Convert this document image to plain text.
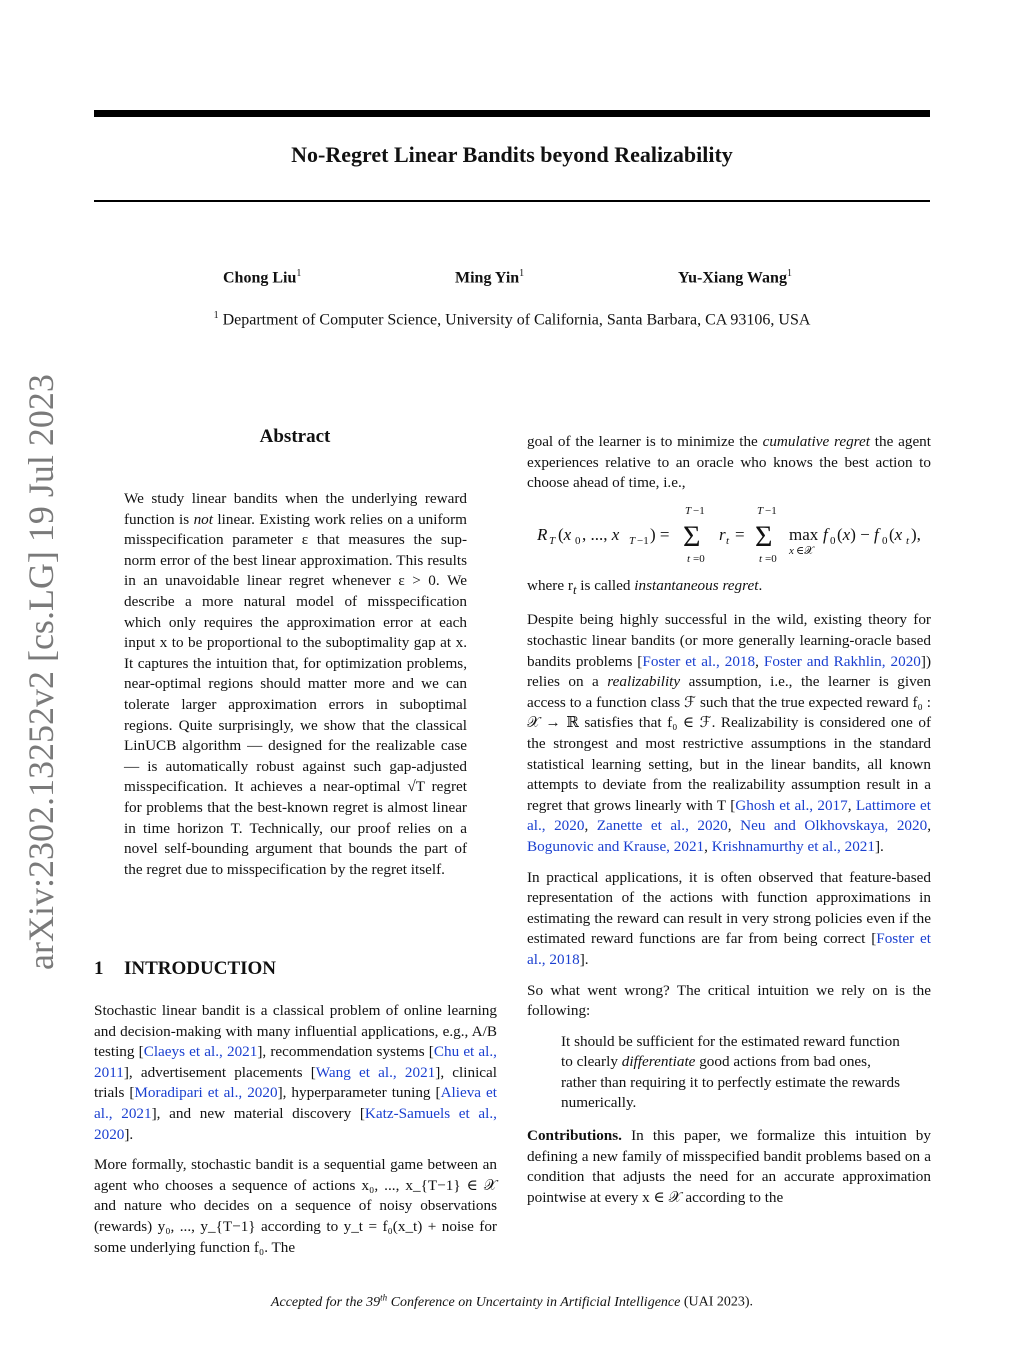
No-Regret Linear Bandits beyond Realizability
Chong Liu$^1$	Ming Yin$^1$	Yu-Xiang Wang$^1$
$^1$ Department of Computer Science, University of California, Santa Barbara, CA 93106, USA
arXiv:2302.13252v2 [cs.LG] 19 Jul 2023	Abstract
We study linear bandits when the underlying reward function is not linear. Existing work relies on a uniform misspecification parameter ε that measures the sup-norm error of the best linear approximation. This results in an unavoidable linear regret whenever ε > 0. We describe a more natural model of misspecification which only requires the approximation error at each input x to be proportional to the suboptimality gap at x. It captures the intuition that, for optimization problems, near-optimal regions should matter more and we can tolerate larger approximation errors in suboptimal regions. Quite surprisingly, we show that the classical LinUCB algorithm — designed for the realizable case — is automatically robust against such gap-adjusted misspecification. It achieves a near-optimal √T regret for problems that the best-known regret is almost linear in time horizon T. Technically, our proof relies on a novel self-bounding argument that bounds the part of the regret due to misspecification by the regret itself.
1 INTRODUCTION

Stochastic linear bandit is a classical problem of online learning and decision-making with many influential applications, e.g., A/B testing [Claeys et al., 2021], recommendation systems [Chu et al., 2011], advertisement placements [Wang et al., 2021], clinical trials [Moradipari et al., 2020], hyperparameter tuning [Alieva et al., 2021], and new material discovery [Katz-Samuels et al., 2020].

More formally, stochastic bandit is a sequential game between an agent who chooses a sequence of actions x₀, ..., x_{T−1} ∈ 𝒳 and nature who decides on a sequence of noisy observations (rewards) y₀, ..., y_{T−1} according to y_t = f₀(x_t) + noise for some underlying function f₀. The

goal of the learner is to minimize the cumulative regret the agent experiences relative to an oracle who knows the best action to choose ahead of time, i.e.,

R T (x 0 , ..., x T −1 ) =
T −1
Σ
t =0
r t =
T −1
Σ
t =0
max
x ∈𝒳
f 0 (x) − f 0 (x t ),

where $r_t$ is called instantaneous regret.

Despite being highly successful in the wild, existing theory for stochastic linear bandits (or more generally learning-oracle based bandits problems [Foster et al., 2018, Foster and Rakhlin, 2020]) relies on a realizability assumption, i.e., the learner is given access to a function class ℱ such that the true expected reward f₀ : 𝒳 → ℝ satisfies that f₀ ∈ ℱ. Realizability is considered one of the strongest and most restrictive assumptions in the standard statistical learning setting, but in the linear bandits, all known attempts to deviate from the realizability assumption result in a regret that grows linearly with T [Ghosh et al., 2017, Lattimore et al., 2020, Zanette et al., 2020, Neu and Olkhovskaya, 2020, Bogunovic and Krause, 2021, Krishnamurthy et al., 2021].

In practical applications, it is often observed that feature-based representation of the actions with function approximations in estimating the reward can result in very strong policies even if the estimated reward functions are far from being correct [Foster et al., 2018].

So what went wrong? The critical intuition we rely on is the following:

It should be sufficient for the estimated reward function to clearly differentiate good actions from bad ones, rather than requiring it to perfectly estimate the rewards numerically.

Contributions. In this paper, we formalize this intuition by defining a new family of misspecified bandit problems based on a condition that adjusts the need for an accurate approximation pointwise at every x ∈ 𝒳 according to the

Accepted for the 39th Conference on Uncertainty in Artificial Intelligence (UAI 2023).
